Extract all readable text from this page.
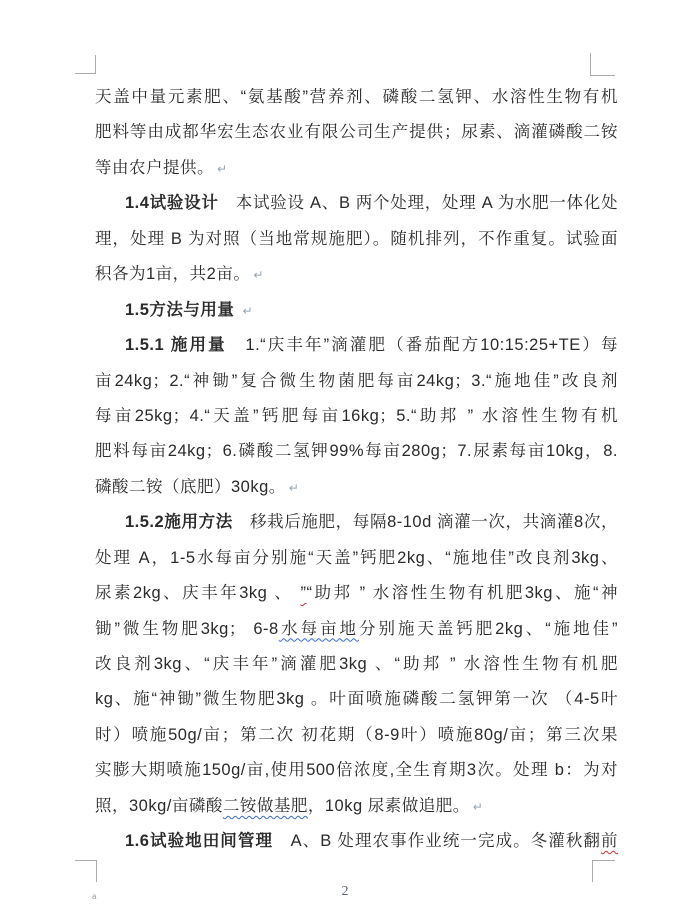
天盖中量元素肥、“氨基酸”营养剂、磷酸二氢钾、水溶性生物有机
肥料等由成都华宏生态农业有限公司生产提供；尿素、滴灌磷酸二铵
等由农户提供。 ↵
1.4试验设计　本试验设 A、B 两个处理，处理 A 为水肥一体化处
理，处理 B 为对照（当地常规施肥）。随机排列，不作重复。试验面
积各为1亩，共2亩。 ↵
1.5方法与用量 ↵
1.5.1 施用量　1.“庆丰年”滴灌肥（番茄配方10:15:25+TE）每
亩24kg；2.“神锄”复合微生物菌肥每亩24kg；3.“施地佳”改良剂
每亩25kg；4.“天盖”钙肥每亩16kg；5.“助邦 ” 水溶性生物有机
肥料每亩24kg；6.磷酸二氢钾99%每亩280g；7.尿素每亩10kg，8.
磷酸二铵（底肥）30kg。 ↵
1.5.2施用方法　移栽后施肥，每隔8-10d 滴灌一次，共滴灌8次，
处理 A，1-5水每亩分别施“天盖”钙肥2kg、“施地佳”改良剂3kg、
尿素2kg、庆丰年3kg 、 ”“助邦 ” 水溶性生物有机肥3kg、施“神
锄”微生物肥3kg； 6-8水每亩地分别施天盖钙肥2kg、“施地佳”
改良剂3kg、“庆丰年”滴灌肥3kg 、“助邦 ” 水溶性生物有机肥
kg、施“神锄”微生物肥3kg 。叶面喷施磷酸二氢钾第一次 （4-5叶
时）喷施50g/亩；第二次 初花期（8-9叶）喷施80g/亩；第三次果
实膨大期喷施150g/亩,使用500倍浓度,全生育期3次。处理 b：为对
照，30kg/亩磷酸二铵做基肥，10kg 尿素做追肥。 ↵
1.6试验地田间管理　A、B 处理农事作业统一完成。冬灌秋翻前
a	2
